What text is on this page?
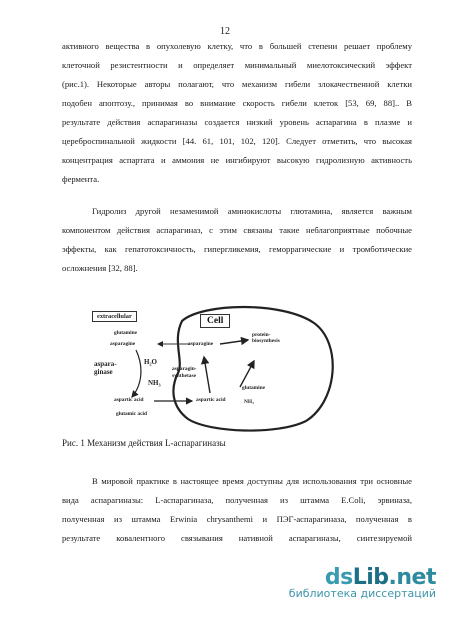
12

активного вещества в опухолевую клетку, что в большей степени решает проблему
клеточной резистентности и определяет минимальный миелотоксический эффект
(рис.1). Некоторые авторы полагают, что механизм гибели злокачественной клетки
подобен апоптозу., принимая во внимание скорость гибели клеток [53, 69, 88].. В
результате действия аспарагиназы создается низкий уровень аспарагина в плазме и
цереброспинальной жидкости [44. 61, 101, 102, 120]. Следует отметить, что высокая
концентрация аспартата и аммония не ингибируют высокую гидролизную активность
фермента.

Гидролиз другой незаменимой аминокислоты глютамина, является важным
компонентом действия аспарагиназ, с этим связаны такие неблагоприятные побочные
эффекты, как гепатотоксичность, гипергликемия, геморрагические и тромботические
осложнения [32, 88].

extracellular	Cell
glutamine
asparagine
aspara-
ginase
H₂O
NH₃
aspartic acid
glutamic acid
asparagine
protein-
biosynthesis
asparagin-
synthetase
glutamine
aspartic acid	NH₃
Рис. 1 Механизм действия L-аспарагиназы

В мировой практике в настоящее время доступны для использования три основные
вида аспарагиназы: L-аспарагиназа, полученная из штамма E.Coli, эрвиназа,
полученная из штамма Erwinia chrysanthemi и ПЭГ-аспарагиназа, полученная в
результате ковалентного связывания нативной аспарагиназы, синтезируемой

dsLib.net
библиотека диссертаций
